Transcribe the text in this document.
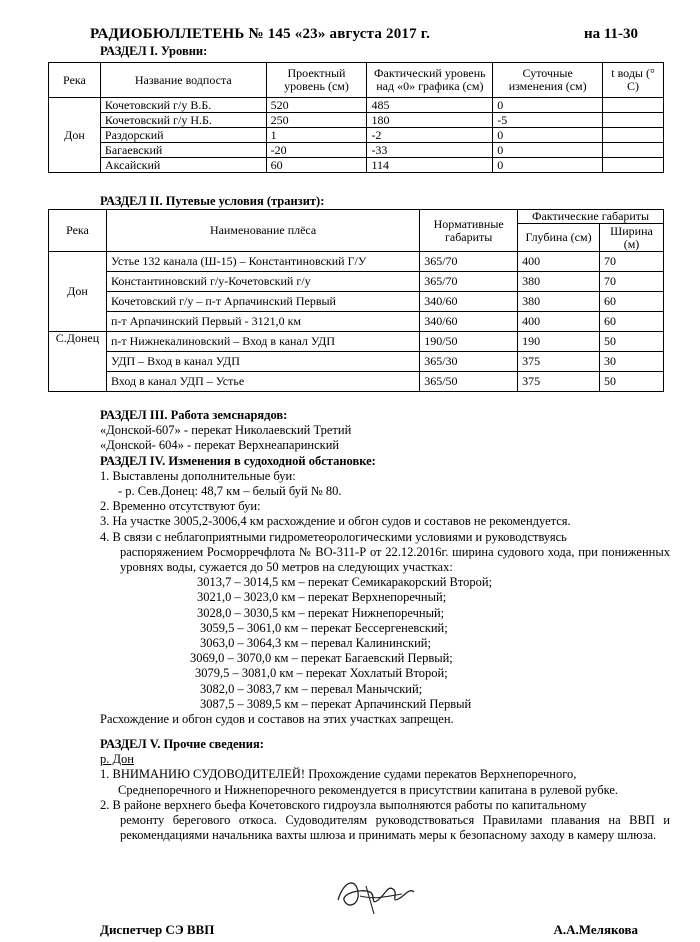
РАДИОБЮЛЛЕТЕНЬ № 145 «23» августа 2017 г.	на 11-30
РАЗДЕЛ I. Уровни:
Река	Название водпоста	Проектный уровень (см)	Фактический уровень над «0» графика (см)	Суточные изменения (см)	t воды (° C)
Дон	Кочетовский г/у В.Б.	520	485	0	
	Кочетовский г/у Н.Б.	250	180	-5	
	Раздорский	1	-2	0	
	Багаевский	-20	-33	0	
	Аксайский	60	114	0	
РАЗДЕЛ II. Путевые условия (транзит):
Река	Наименование плёса	Нормативные габариты	Фактические габариты	
			Глубина (см)	Ширина (м)
Дон	Устье 132 канала (Ш-15) – Константиновский Г/У	365/70	400	70
	Константиновский г/у-Кочетовский г/у	365/70	380	70
	Кочетовский г/у – п-т Арпачинский Первый	340/60	380	60
	п-т Арпачинский Первый - 3121,0 км	340/60	400	60
С.Донец	п-т Нижнекалиновский – Вход в канал УДП	190/50	190	50
	УДП – Вход в канал УДП	365/30	375	30
	Вход в канал УДП – Устье	365/50	375	50
РАЗДЕЛ III. Работа земснарядов:
«Донской-607» - перекат Николаевский Третий
«Донской- 604» - перекат Верхнеапаринский
РАЗДЕЛ IV. Изменения в судоходной обстановке:
1. Выставлены дополнительные буи:
- р. Сев.Донец: 48,7 км – белый буй № 80.
2. Временно отсутствуют буи:
3. На участке 3005,2-3006,4 км расхождение и обгон судов и составов не рекомендуется.
4. В связи с неблагоприятными гидрометеорологическими условиями и руководствуясь
распоряжением Росморречфлота № ВО-311-Р от 22.12.2016г. ширина судового хода, при пониженных уровнях воды, сужается до 50 метров на следующих участках:
3013,7 – 3014,5 км – перекат Семикаракорский Второй;
3021,0 – 3023,0 км – перекат Верхнепоречный;
3028,0 – 3030,5 км – перекат Нижнепоречный;
3059,5 – 3061,0 км – перекат Бессергеневский;
3063,0 – 3064,3 км – перевал Калининский;
3069,0 – 3070,0 км – перекат Багаевский Первый;
3079,5 – 3081,0 км – перекат Хохлатый Второй;
3082,0 – 3083,7 км – перевал Манычский;
3087,5 – 3089,5 км – перекат Арпачинский Первый
Расхождение и обгон судов и составов на этих участках запрещен.
РАЗДЕЛ V. Прочие сведения:
р. Дон
1. ВНИМАНИЮ СУДОВОДИТЕЛЕЙ! Прохождение судами перекатов Верхнепоречного,
Среднепоречного и Нижнепоречного рекомендуется в присутствии капитана в рулевой рубке.
2. В районе верхнего бьефа Кочетовского гидроузла выполняются работы по капитальному
ремонту берегового откоса. Судоводителям руководствоваться Правилами плавания на ВВП и рекомендациями начальника вахты шлюза и принимать меры к безопасному заходу в камеру шлюза.
Диспетчер СЭ ВВП	А.А.Мелякова
